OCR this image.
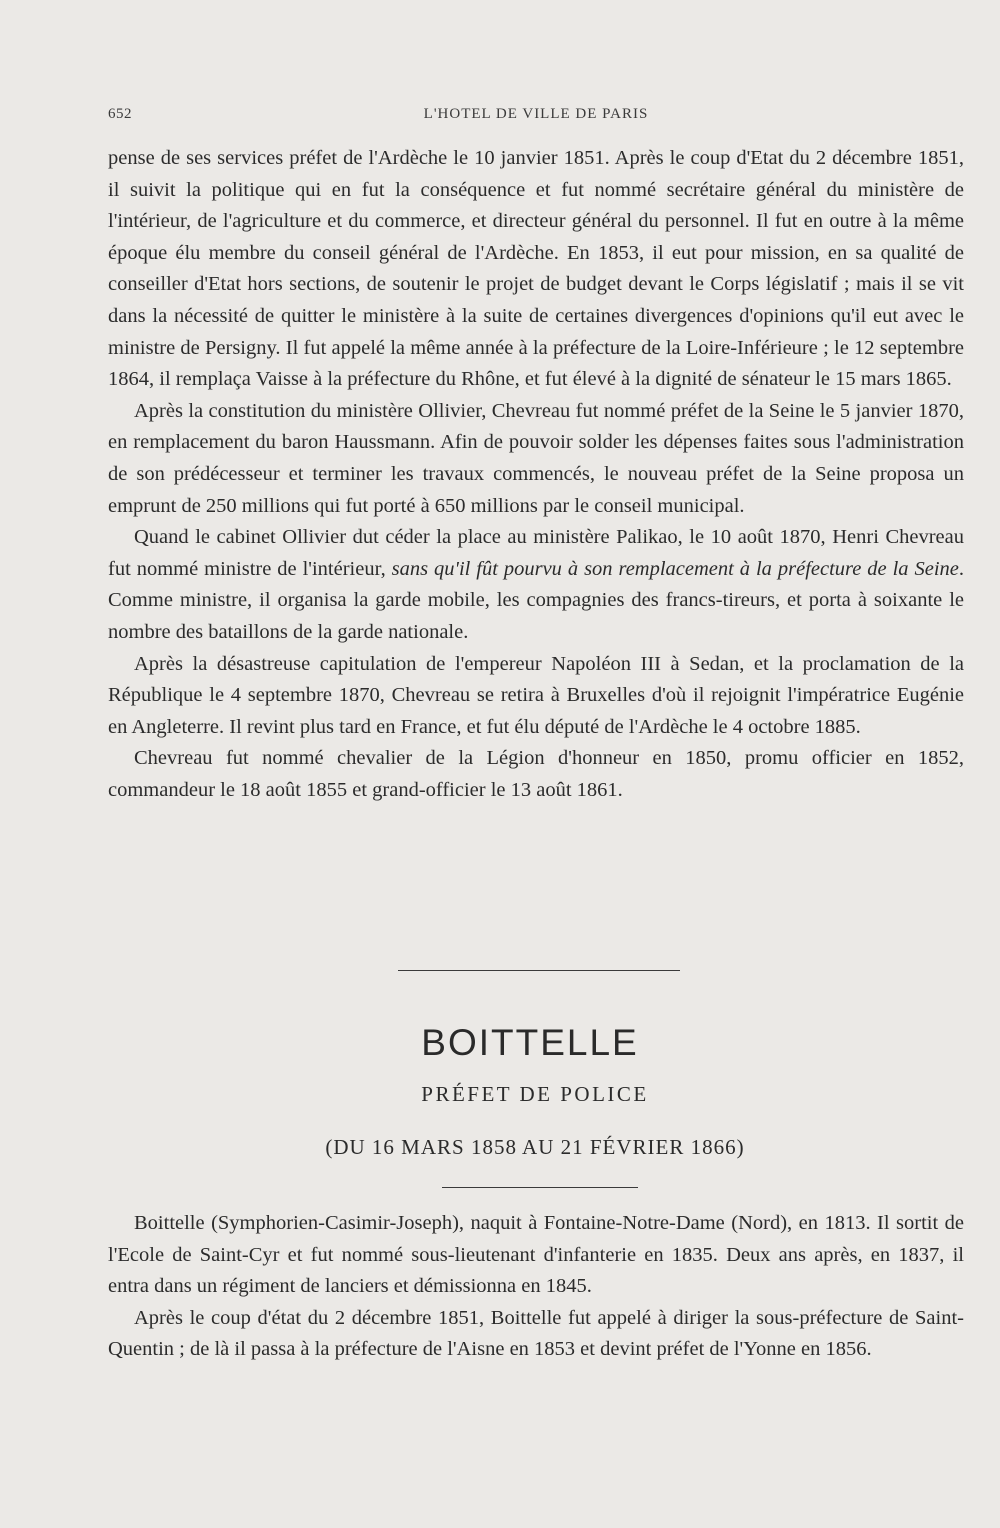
652	L'HOTEL DE VILLE DE PARIS

pense de ses services préfet de l'Ardèche le 10 janvier 1851. Après le coup d'Etat du 2 décembre 1851, il suivit la politique qui en fut la conséquence et fut nommé secrétaire général du ministère de l'intérieur, de l'agriculture et du commerce, et directeur général du personnel. Il fut en outre à la même époque élu membre du conseil général de l'Ardèche. En 1853, il eut pour mission, en sa qualité de conseiller d'Etat hors sections, de soutenir le projet de budget devant le Corps législatif ; mais il se vit dans la nécessité de quitter le ministère à la suite de certaines divergences d'opinions qu'il eut avec le ministre de Persigny. Il fut appelé la même année à la préfecture de la Loire-Inférieure ; le 12 septembre 1864, il remplaça Vaisse à la préfecture du Rhône, et fut élevé à la dignité de sénateur le 15 mars 1865.

Après la constitution du ministère Ollivier, Chevreau fut nommé préfet de la Seine le 5 janvier 1870, en remplacement du baron Haussmann. Afin de pouvoir solder les dépenses faites sous l'administration de son prédécesseur et terminer les travaux commencés, le nouveau préfet de la Seine proposa un emprunt de 250 millions qui fut porté à 650 millions par le conseil municipal.

Quand le cabinet Ollivier dut céder la place au ministère Palikao, le 10 août 1870, Henri Chevreau fut nommé ministre de l'intérieur, sans qu'il fût pourvu à son remplacement à la préfecture de la Seine. Comme ministre, il organisa la garde mobile, les compagnies des francs-tireurs, et porta à soixante le nombre des bataillons de la garde nationale.

Après la désastreuse capitulation de l'empereur Napoléon III à Sedan, et la proclamation de la République le 4 septembre 1870, Chevreau se retira à Bruxelles d'où il rejoignit l'impératrice Eugénie en Angleterre. Il revint plus tard en France, et fut élu député de l'Ardèche le 4 octobre 1885.

Chevreau fut nommé chevalier de la Légion d'honneur en 1850, promu officier en 1852, commandeur le 18 août 1855 et grand-officier le 13 août 1861.

BOITTELLE
PRÉFET DE POLICE
(DU 16 MARS 1858 AU 21 FÉVRIER 1866)

Boittelle (Symphorien-Casimir-Joseph), naquit à Fontaine-Notre-Dame (Nord), en 1813. Il sortit de l'Ecole de Saint-Cyr et fut nommé sous-lieutenant d'infanterie en 1835. Deux ans après, en 1837, il entra dans un régiment de lanciers et démissionna en 1845.

Après le coup d'état du 2 décembre 1851, Boittelle fut appelé à diriger la sous-préfecture de Saint-Quentin ; de là il passa à la préfecture de l'Aisne en 1853 et devint préfet de l'Yonne en 1856.
